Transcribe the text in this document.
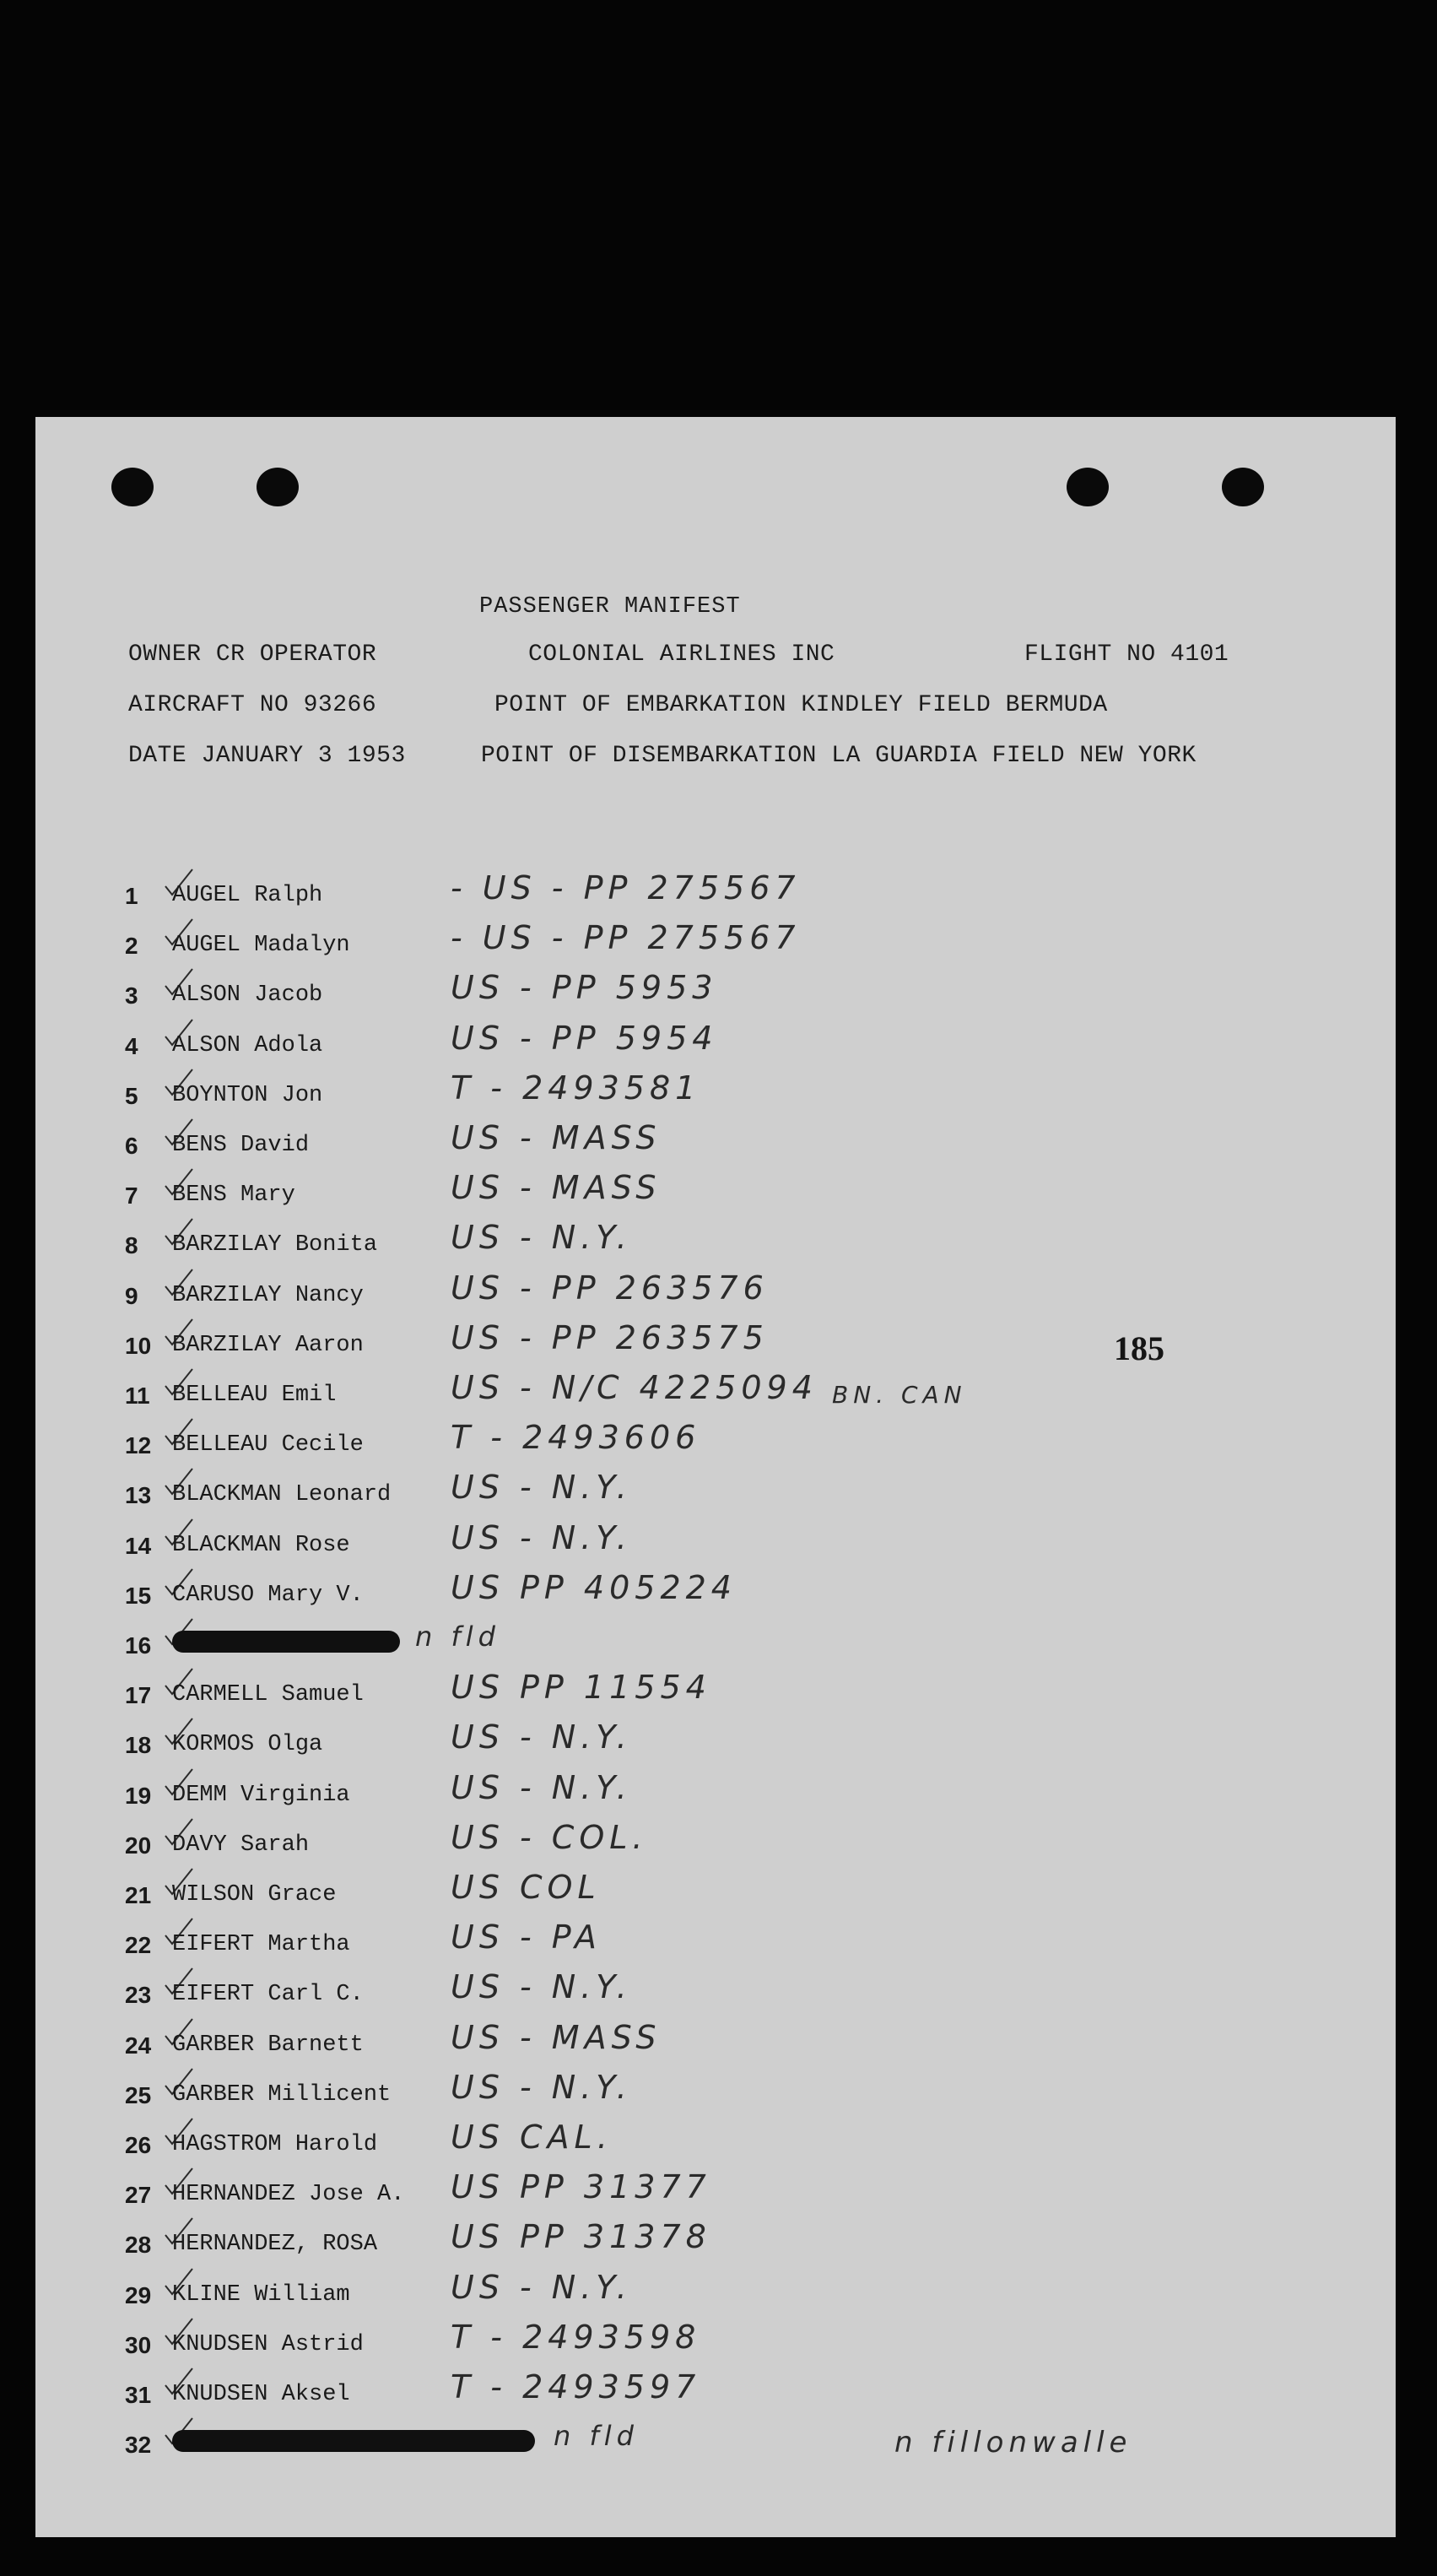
PASSENGER MANIFEST
OWNER CR OPERATOR	COLONIAL AIRLINES INC	FLIGHT NO 4101
AIRCRAFT NO 93266	POINT OF EMBARKATION KINDLEY FIELD BERMUDA
DATE JANUARY 3 1953	POINT OF DISEMBARKATION LA GUARDIA FIELD NEW YORK
1 AUGEL Ralph	- US - PP 275567
2 AUGEL Madalyn	- US - PP 275567
3 ALSON Jacob	US - PP 5953
4 ALSON Adola	US - PP 5954
5 BOYNTON Jon	T - 2493581
6 BENS David	US - MASS
7 BENS Mary	US - MASS
8 BARZILAY Bonita US - N.Y.
9 BARZILAY Nancy	US - PP 263576
10 BARZILAY Aaron	US - PP 263575
11 BELLEAU Emil	US - N/C 4225094 BN. CAN
12 BELLEAU Cecile	T - 2493606
13 BLACKMAN Leonard US - N.Y.
14 BLACKMAN Rose	US - N.Y.
15 CARUSO Mary V.	US PP 405224
16	n fld
17 CARMELL Samuel	US PP 11554
18 KORMOS Olga	US - N.Y.
19 DEMM Virginia	US - N.Y.
20 DAVY Sarah	US - COL.
21 WILSON Grace	US COL
22 EIFERT Martha	US - PA
23 EIFERT Carl C.	US - N.Y.
24 GARBER Barnett	US - MASS
25 GARBER Millicent US - N.Y.
26 HAGSTROM Harold US CAL.
27 HERNANDEZ Jose A. US PP 31377
28 HERNANDEZ, ROSA US PP 31378
29 KLINE William	US - N.Y.
30 KNUDSEN Astrid	T - 2493598
31 KNUDSEN Aksel	T - 2493597
32	n fld
185
n fillonwalle
